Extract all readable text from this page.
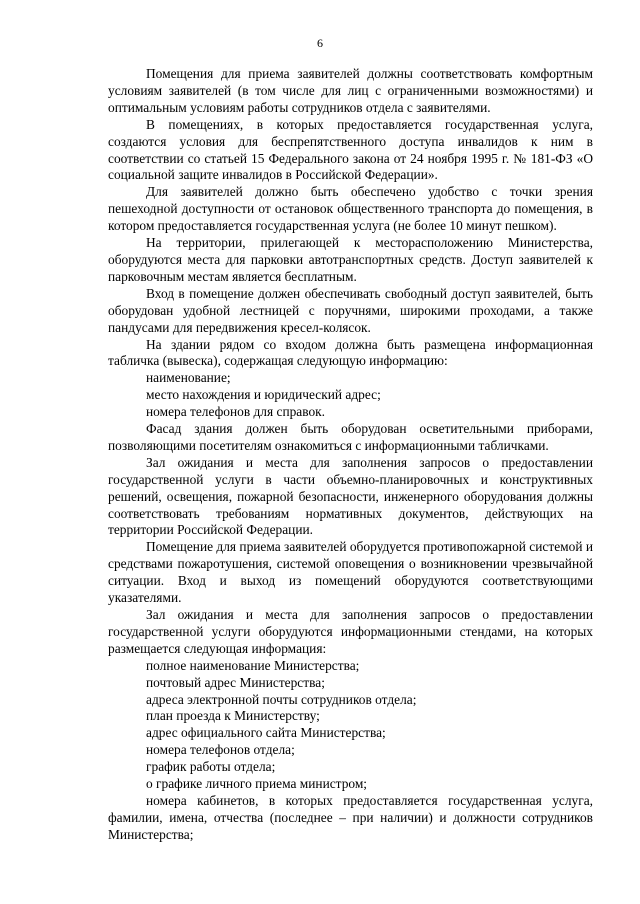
6

Помещения для приема заявителей должны соответствовать комфортным условиям заявителей (в том числе для лиц с ограниченными возможностями) и оптимальным условиям работы сотрудников отдела с заявителями.

В помещениях, в которых предоставляется государственная услуга, создаются условия для беспрепятственного доступа инвалидов к ним в соответствии со статьей 15 Федерального закона от 24 ноября 1995 г. № 181-ФЗ «О социальной защите инвалидов в Российской Федерации».

Для заявителей должно быть обеспечено удобство с точки зрения пешеходной доступности от остановок общественного транспорта до помещения, в котором предоставляется государственная услуга (не более 10 минут пешком).

На территории, прилегающей к месторасположению Министерства, оборудуются места для парковки автотранспортных средств. Доступ заявителей к парковочным местам является бесплатным.

Вход в помещение должен обеспечивать свободный доступ заявителей, быть оборудован удобной лестницей с поручнями, широкими проходами, а также пандусами для передвижения кресел-колясок.

На здании рядом со входом должна быть размещена информационная табличка (вывеска), содержащая следующую информацию:

наименование;

место нахождения и юридический адрес;

номера телефонов для справок.

Фасад здания должен быть оборудован осветительными приборами, позволяющими посетителям ознакомиться с информационными табличками.

Зал ожидания и места для заполнения запросов о предоставлении государственной услуги в части объемно-планировочных и конструктивных решений, освещения, пожарной безопасности, инженерного оборудования должны соответствовать требованиям нормативных документов, действующих на территории Российской Федерации.

Помещение для приема заявителей оборудуется противопожарной системой и средствами пожаротушения, системой оповещения о возникновении чрезвычайной ситуации. Вход и выход из помещений оборудуются соответствующими указателями.

Зал ожидания и места для заполнения запросов о предоставлении государственной услуги оборудуются информационными стендами, на которых размещается следующая информация:

полное наименование Министерства;

почтовый адрес Министерства;

адреса электронной почты сотрудников отдела;

план проезда к Министерству;

адрес официального сайта Министерства;

номера телефонов отдела;

график работы отдела;

о графике личного приема министром;

номера кабинетов, в которых предоставляется государственная услуга, фамилии, имена, отчества (последнее – при наличии) и должности сотрудников Министерства;
